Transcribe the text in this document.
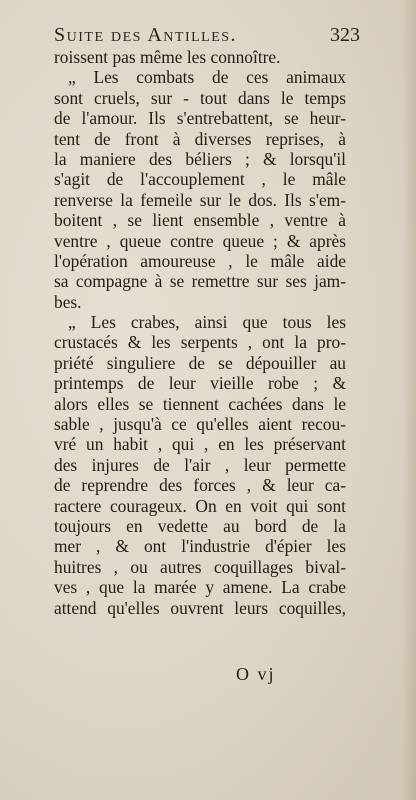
Suite des Antilles.	323
roissent pas même les connoître.
„ Les combats de ces animaux
sont cruels, sur - tout dans le temps
de l'amour. Ils s'entrebattent, se heur-
tent de front à diverses reprises, à
la maniere des béliers ; & lorsqu'il
s'agit de l'accouplement , le mâle
renverse la femeile sur le dos. Ils s'em-
boitent , se lient ensemble , ventre à
ventre , queue contre queue ; & après
l'opération amoureuse , le mâle aide
sa compagne à se remettre sur ses jam-
bes.
„ Les crabes, ainsi que tous les
crustacés & les serpents , ont la pro-
priété singuliere de se dépouiller au
printemps de leur vieille robe ; &
alors elles se tiennent cachées dans le
sable , jusqu'à ce qu'elles aient recou-
vré un habit , qui , en les préservant
des injures de l'air , leur permette
de reprendre des forces , & leur ca-
ractere courageux. On en voit qui sont
toujours en vedette au bord de la
mer , & ont l'industrie d'épier les
huitres , ou autres coquillages bival-
ves , que la marée y amene. La crabe
attend qu'elles ouvrent leurs coquilles,
O vj
